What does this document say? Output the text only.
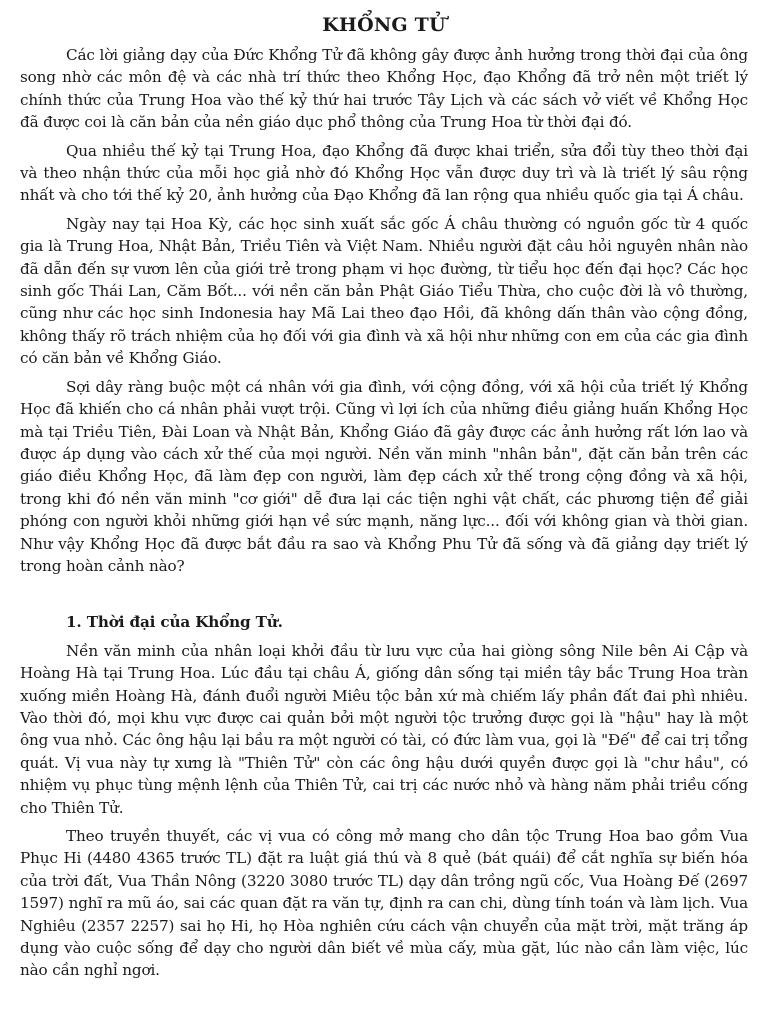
KHỔNG TỬ

Các lời giảng dạy của Đức Khổng Tử đã không gây được ảnh hưởng trong thời đại của ông song nhờ các môn đệ và các nhà trí thức theo Khổng Học, đạo Khổng đã trở nên một triết lý chính thức của Trung Hoa vào thế kỷ thứ hai trước Tây Lịch và các sách vở viết về Khổng Học đã được coi là căn bản của nền giáo dục phổ thông của Trung Hoa từ thời đại đó.

Qua nhiều thế kỷ tại Trung Hoa, đạo Khổng đã được khai triển, sửa đổi tùy theo thời đại và theo nhận thức của mỗi học giả nhờ đó Khổng Học vẫn được duy trì và là triết lý sâu rộng nhất và cho tới thế kỷ 20, ảnh hưởng của Đạo Khổng đã lan rộng qua nhiều quốc gia tại Á châu.

Ngày nay tại Hoa Kỳ, các học sinh xuất sắc gốc Á châu thường có nguồn gốc từ 4 quốc gia là Trung Hoa, Nhật Bản, Triều Tiên và Việt Nam. Nhiều người đặt câu hỏi nguyên nhân nào đã dẫn đến sự vươn lên của giới trẻ trong phạm vi học đường, từ tiểu học đến đại học? Các học sinh gốc Thái Lan, Căm Bốt... với nền căn bản Phật Giáo Tiểu Thừa, cho cuộc đời là vô thường, cũng như các học sinh Indonesia hay Mã Lai theo đạo Hồi, đã không dấn thân vào cộng đồng, không thấy rõ trách nhiệm của họ đối với gia đình và xã hội như những con em của các gia đình có căn bản về Khổng Giáo.

Sợi dây ràng buộc một cá nhân với gia đình, với cộng đồng, với xã hội của triết lý Khổng Học đã khiến cho cá nhân phải vượt trội. Cũng vì lợi ích của những điều giảng huấn Khổng Học mà tại Triều Tiên, Đài Loan và Nhật Bản, Khổng Giáo đã gây được các ảnh hưởng rất lớn lao và được áp dụng vào cách xử thế của mọi người. Nền văn minh "nhân bản", đặt căn bản trên các giáo điều Khổng Học, đã làm đẹp con người, làm đẹp cách xử thế trong cộng đồng và xã hội, trong khi đó nền văn minh "cơ giới" dễ đưa lại các tiện nghi vật chất, các phương tiện để giải phóng con người khỏi những giới hạn về sức mạnh, năng lực... đối với không gian và thời gian. Như vậy Khổng Học đã được bắt đầu ra sao và Khổng Phu Tử đã sống và đã giảng dạy triết lý trong hoàn cảnh nào?

1. Thời đại của Khổng Tử.

Nền văn minh của nhân loại khởi đầu từ lưu vực của hai giòng sông Nile bên Ai Cập và Hoàng Hà tại Trung Hoa. Lúc đầu tại châu Á, giống dân sống tại miền tây bắc Trung Hoa tràn xuống miền Hoàng Hà, đánh đuổi người Miêu tộc bản xứ mà chiếm lấy phần đất đai phì nhiêu. Vào thời đó, mọi khu vực được cai quản bởi một người tộc trưởng được gọi là "hậu" hay là một ông vua nhỏ. Các ông hậu lại bầu ra một người có tài, có đức làm vua, gọi là "Đế" để cai trị tổng quát. Vị vua này tự xưng là "Thiên Tử" còn các ông hậu dưới quyền được gọi là "chư hầu", có nhiệm vụ phục tùng mệnh lệnh của Thiên Tử, cai trị các nước nhỏ và hàng năm phải triều cống cho Thiên Tử.

Theo truyền thuyết, các vị vua có công mở mang cho dân tộc Trung Hoa bao gồm Vua Phục Hi (4480 4365 trước TL) đặt ra luật giá thú và 8 quẻ (bát quái) để cắt nghĩa sự biến hóa của trời đất, Vua Thần Nông (3220 3080 trước TL) dạy dân trồng ngũ cốc, Vua Hoàng Đế (2697 1597) nghĩ ra mũ áo, sai các quan đặt ra văn tự, định ra can chi, dùng tính toán và làm lịch. Vua Nghiêu (2357 2257) sai họ Hi, họ Hòa nghiên cứu cách vận chuyển của mặt trời, mặt trăng áp dụng vào cuộc sống để dạy cho người dân biết về mùa cấy, mùa gặt, lúc nào cần làm việc, lúc nào cần nghỉ ngơi.
